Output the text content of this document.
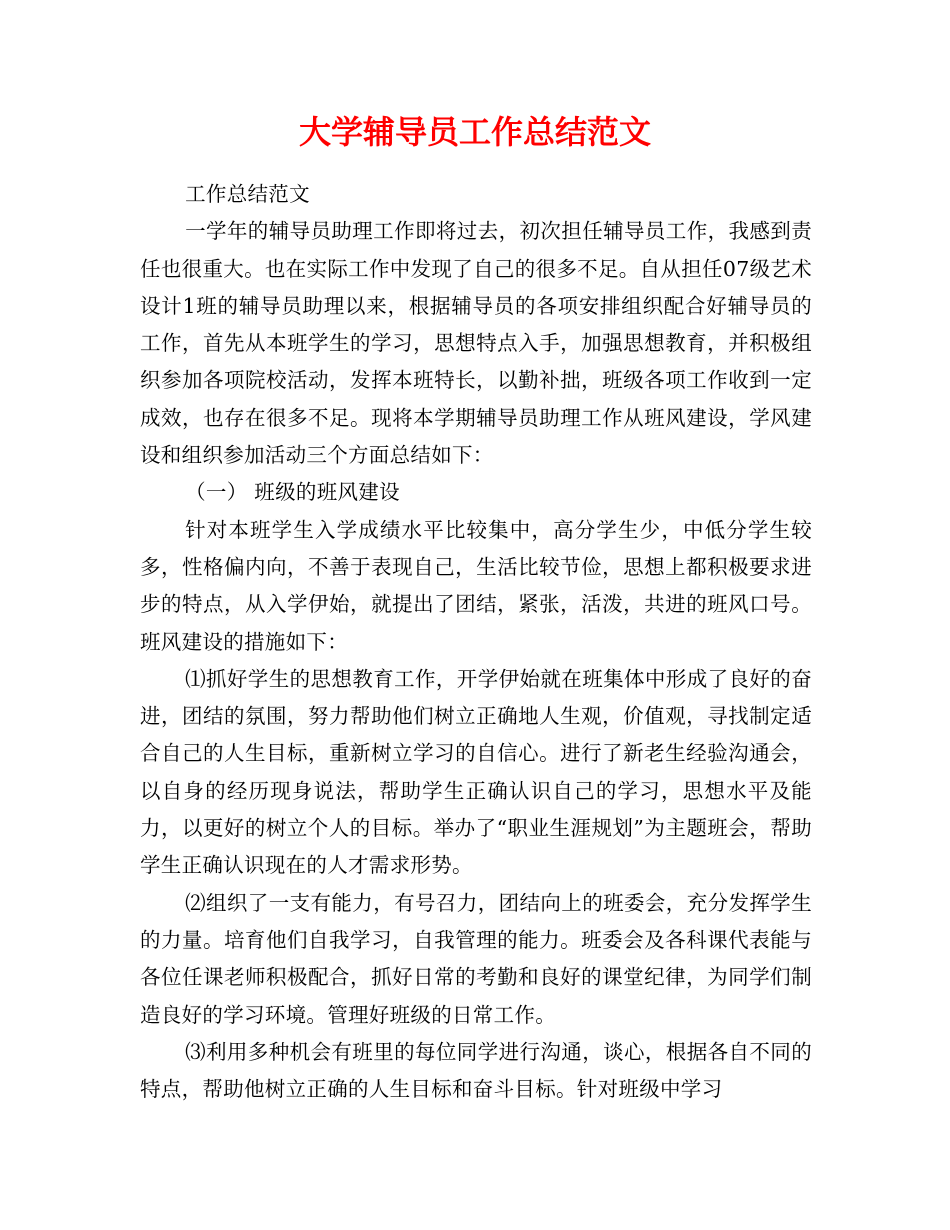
大学辅导员工作总结范文

工作总结范文

一学年的辅导员助理工作即将过去，初次担任辅导员工作，我感到责任也很重大。也在实际工作中发现了自己的很多不足。自从担任07级艺术设计1班的辅导员助理以来，根据辅导员的各项安排组织配合好辅导员的工作，首先从本班学生的学习，思想特点入手，加强思想教育，并积极组织参加各项院校活动，发挥本班特长，以勤补拙，班级各项工作收到一定成效，也存在很多不足。现将本学期辅导员助理工作从班风建设，学风建设和组织参加活动三个方面总结如下：

（一） 班级的班风建设

针对本班学生入学成绩水平比较集中，高分学生少，中低分学生较多，性格偏内向，不善于表现自己，生活比较节俭，思想上都积极要求进步的特点，从入学伊始，就提出了团结，紧张，活泼，共进的班风口号。班风建设的措施如下：

⑴抓好学生的思想教育工作，开学伊始就在班集体中形成了良好的奋进，团结的氛围，努力帮助他们树立正确地人生观，价值观，寻找制定适合自己的人生目标，重新树立学习的自信心。进行了新老生经验沟通会，以自身的经历现身说法，帮助学生正确认识自己的学习，思想水平及能力，以更好的树立个人的目标。举办了“职业生涯规划”为主题班会，帮助学生正确认识现在的人才需求形势。

⑵组织了一支有能力，有号召力，团结向上的班委会，充分发挥学生的力量。培育他们自我学习，自我管理的能力。班委会及各科课代表能与各位任课老师积极配合，抓好日常的考勤和良好的课堂纪律，为同学们制造良好的学习环境。管理好班级的日常工作。

⑶利用多种机会有班里的每位同学进行沟通，谈心，根据各自不同的特点，帮助他树立正确的人生目标和奋斗目标。针对班级中学习
